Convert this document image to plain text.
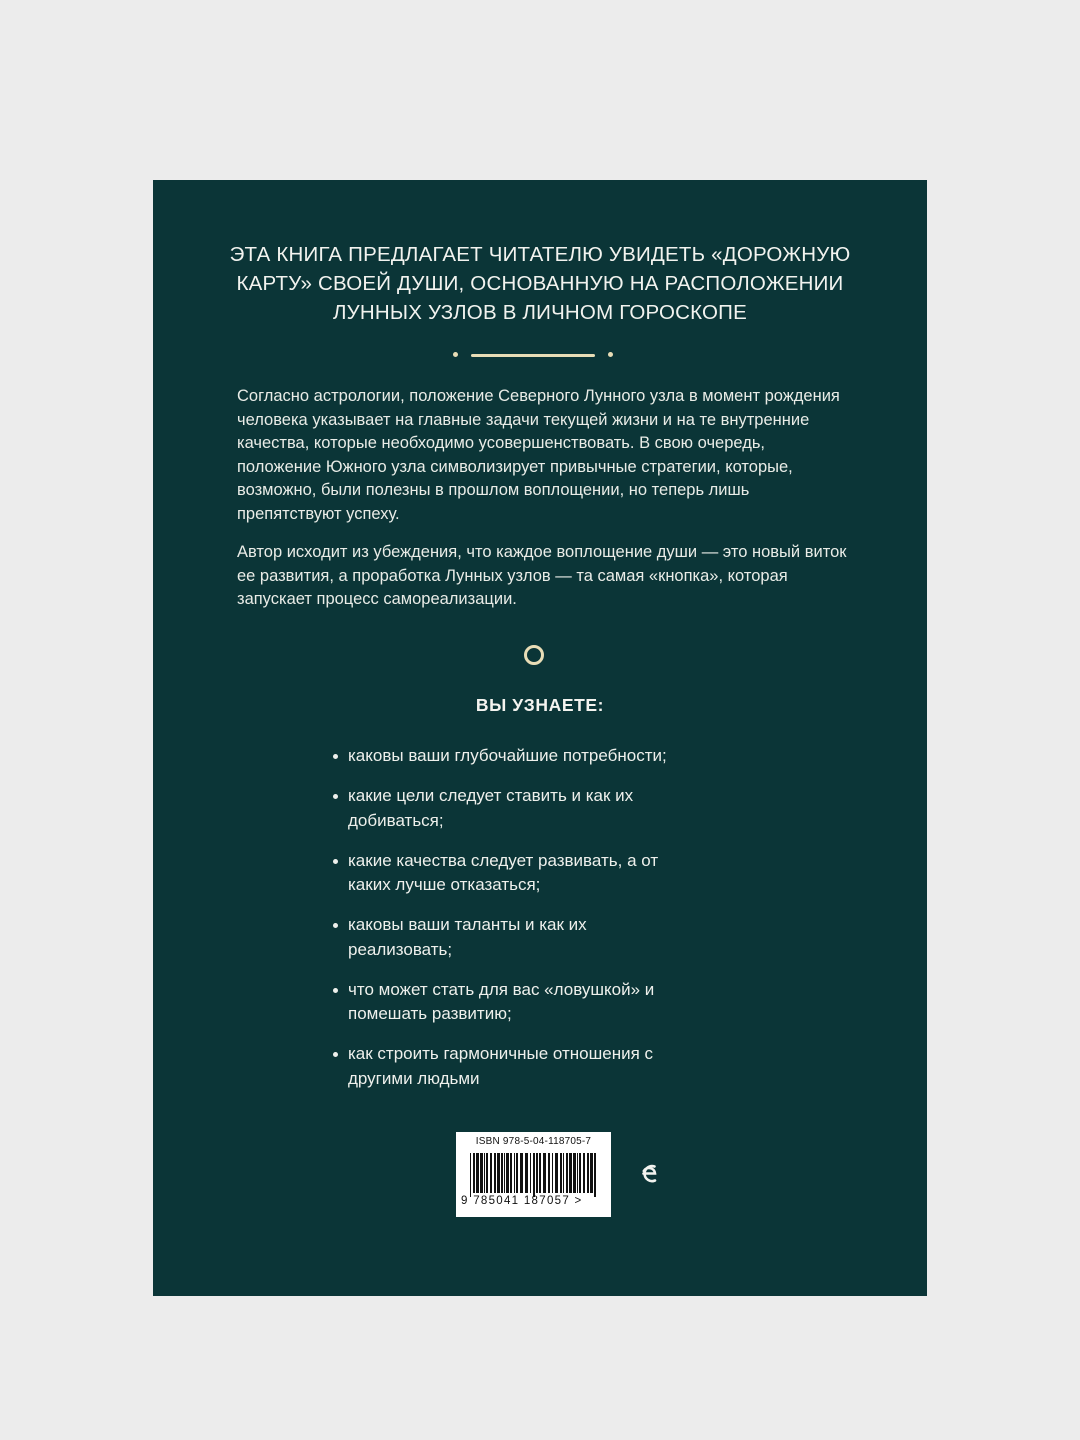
ЭТА КНИГА ПРЕДЛАГАЕТ ЧИТАТЕЛЮ УВИДЕТЬ «ДОРОЖНУЮ КАРТУ» СВОЕЙ ДУШИ, ОСНОВАННУЮ НА РАСПОЛОЖЕНИИ ЛУННЫХ УЗЛОВ В ЛИЧНОМ ГОРОСКОПЕ

Согласно астрологии, положение Северного Лунного узла в момент рождения человека указывает на главные задачи текущей жизни и на те внутренние качества, которые необходимо усовершенствовать. В свою очередь, положение Южного узла символизирует привычные стратегии, которые, возможно, были полезны в прошлом воплощении, но теперь лишь препятствуют успеху.

Автор исходит из убеждения, что каждое воплощение души — это новый виток ее развития, а проработка Лунных узлов — та самая «кнопка», которая запускает процесс самореализации.

ВЫ УЗНАЕТЕ:
каковы ваши глубочайшие потребности;
какие цели следует ставить и как их добиваться;
какие качества следует развивать, а от каких лучше отказаться;
каковы ваши таланты и как их реализовать;
что может стать для вас «ловушкой» и помешать развитию;
как строить гармоничные отношения с другими людьми
ISBN 978-5-04-118705-7
9 785041 187057 >
